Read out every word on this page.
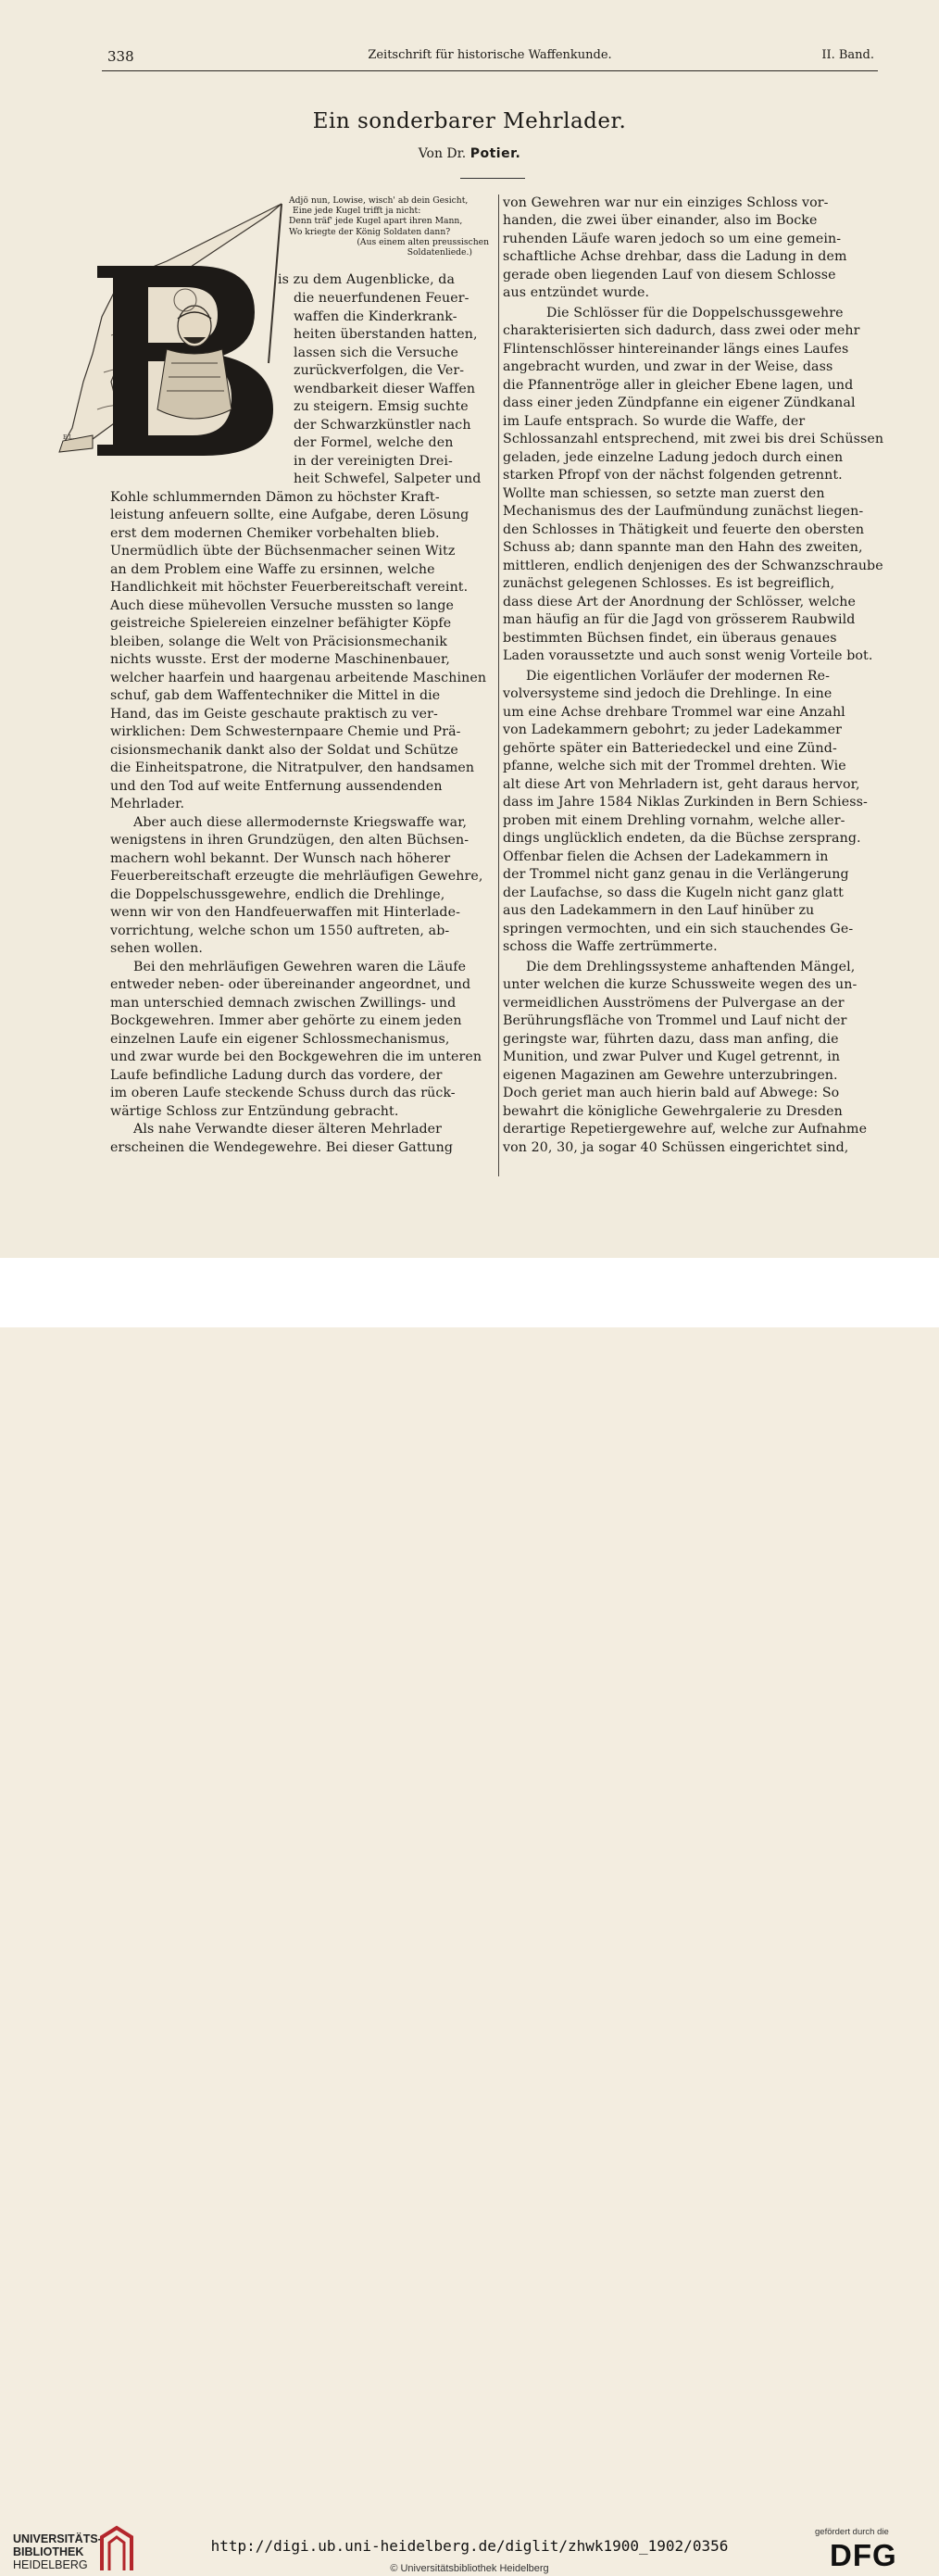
338	Zeitschrift für historische Waffenkunde.	II. Band.
Ein sonderbarer Mehrlader.
Von Dr. Potier.
E.L.
Adjö nun, Lowise, wisch' ab dein Gesicht,
Eine jede Kugel trifft ja nicht:
Denn träf' jede Kugel apart ihren Mann,
Wo kriegte der König Soldaten dann?
(Aus einem alten preussischen
Soldatenliede.)
is zu dem Augenblicke, da
die neuerfundenen Feuer-
waffen die Kinderkrank-
heiten überstanden hatten,
lassen sich die Versuche
zurückverfolgen, die Ver-
wendbarkeit dieser Waffen
zu steigern. Emsig suchte
der Schwarzkünstler nach
der Formel, welche den
in der vereinigten Drei-
heit Schwefel, Salpeter und
Kohle schlummernden Dämon zu höchster Kraft-
leistung anfeuern sollte, eine Aufgabe, deren Lösung
erst dem modernen Chemiker vorbehalten blieb.
Unermüdlich übte der Büchsenmacher seinen Witz
an dem Problem eine Waffe zu ersinnen, welche
Handlichkeit mit höchster Feuerbereitschaft vereint.
Auch diese mühevollen Versuche mussten so lange
geistreiche Spielereien einzelner befähigter Köpfe
bleiben, solange die Welt von Präcisionsmechanik
nichts wusste. Erst der moderne Maschinenbauer,
welcher haarfein und haargenau arbeitende Maschinen
schuf, gab dem Waffentechniker die Mittel in die
Hand, das im Geiste geschaute praktisch zu ver-
wirklichen: Dem Schwesternpaare Chemie und Prä-
cisionsmechanik dankt also der Soldat und Schütze
die Einheitspatrone, die Nitratpulver, den handsamen
und den Tod auf weite Entfernung aussendenden
Mehrlader.
Aber auch diese allermodernste Kriegswaffe war,
wenigstens in ihren Grundzügen, den alten Büchsen-
machern wohl bekannt. Der Wunsch nach höherer
Feuerbereitschaft erzeugte die mehrläufigen Gewehre,
die Doppelschussgewehre, endlich die Drehlinge,
wenn wir von den Handfeuerwaffen mit Hinterlade-
vorrichtung, welche schon um 1550 auftreten, ab-
sehen wollen.
Bei den mehrläufigen Gewehren waren die Läufe
entweder neben- oder übereinander angeordnet, und
man unterschied demnach zwischen Zwillings- und
Bockgewehren. Immer aber gehörte zu einem jeden
einzelnen Laufe ein eigener Schlossmechanismus,
und zwar wurde bei den Bockgewehren die im unteren
Laufe befindliche Ladung durch das vordere, der
im oberen Laufe steckende Schuss durch das rück-
wärtige Schloss zur Entzündung gebracht.
Als nahe Verwandte dieser älteren Mehrlader
erscheinen die Wendegewehre. Bei dieser Gattung
von Gewehren war nur ein einziges Schloss vor-
handen, die zwei über einander, also im Bocke
ruhenden Läufe waren jedoch so um eine gemein-
schaftliche Achse drehbar, dass die Ladung in dem
gerade oben liegenden Lauf von diesem Schlosse
aus entzündet wurde.
Die Schlösser für die Doppelschussgewehre
charakterisierten sich dadurch, dass zwei oder mehr
Flintenschlösser hintereinander längs eines Laufes
angebracht wurden, und zwar in der Weise, dass
die Pfannentröge aller in gleicher Ebene lagen, und
dass einer jeden Zündpfanne ein eigener Zündkanal
im Laufe entsprach. So wurde die Waffe, der
Schlossanzahl entsprechend, mit zwei bis drei Schüssen
geladen, jede einzelne Ladung jedoch durch einen
starken Pfropf von der nächst folgenden getrennt.
Wollte man schiessen, so setzte man zuerst den
Mechanismus des der Laufmündung zunächst liegen-
den Schlosses in Thätigkeit und feuerte den obersten
Schuss ab; dann spannte man den Hahn des zweiten,
mittleren, endlich denjenigen des der Schwanzschraube
zunächst gelegenen Schlosses. Es ist begreiflich,
dass diese Art der Anordnung der Schlösser, welche
man häufig an für die Jagd von grösserem Raubwild
bestimmten Büchsen findet, ein überaus genaues
Laden voraussetzte und auch sonst wenig Vorteile bot.
Die eigentlichen Vorläufer der modernen Re-
volversysteme sind jedoch die Drehlinge. In eine
um eine Achse drehbare Trommel war eine Anzahl
von Ladekammern gebohrt; zu jeder Ladekammer
gehörte später ein Batteriedeckel und eine Zünd-
pfanne, welche sich mit der Trommel drehten. Wie
alt diese Art von Mehrladern ist, geht daraus hervor,
dass im Jahre 1584 Niklas Zurkinden in Bern Schiess-
proben mit einem Drehling vornahm, welche aller-
dings unglücklich endeten, da die Büchse zersprang.
Offenbar fielen die Achsen der Ladekammern in
der Trommel nicht ganz genau in die Verlängerung
der Laufachse, so dass die Kugeln nicht ganz glatt
aus den Ladekammern in den Lauf hinüber zu
springen vermochten, und ein sich stauchendes Ge-
schoss die Waffe zertrümmerte.
Die dem Drehlingssysteme anhaftenden Mängel,
unter welchen die kurze Schussweite wegen des un-
vermeidlichen Ausströmens der Pulvergase an der
Berührungsfläche von Trommel und Lauf nicht der
geringste war, führten dazu, dass man anfing, die
Munition, und zwar Pulver und Kugel getrennt, in
eigenen Magazinen am Gewehre unterzubringen.
Doch geriet man auch hierin bald auf Abwege: So
bewahrt die königliche Gewehrgalerie zu Dresden
derartige Repetiergewehre auf, welche zur Aufnahme
von 20, 30, ja sogar 40 Schüssen eingerichtet sind,
UNIVERSITÄTS-
BIBLIOTHEK
HEIDELBERG
http://digi.ub.uni-heidelberg.de/diglit/zhwk1900_1902/0356
© Universitätsbibliothek Heidelberg
gefördert durch die
DFG
